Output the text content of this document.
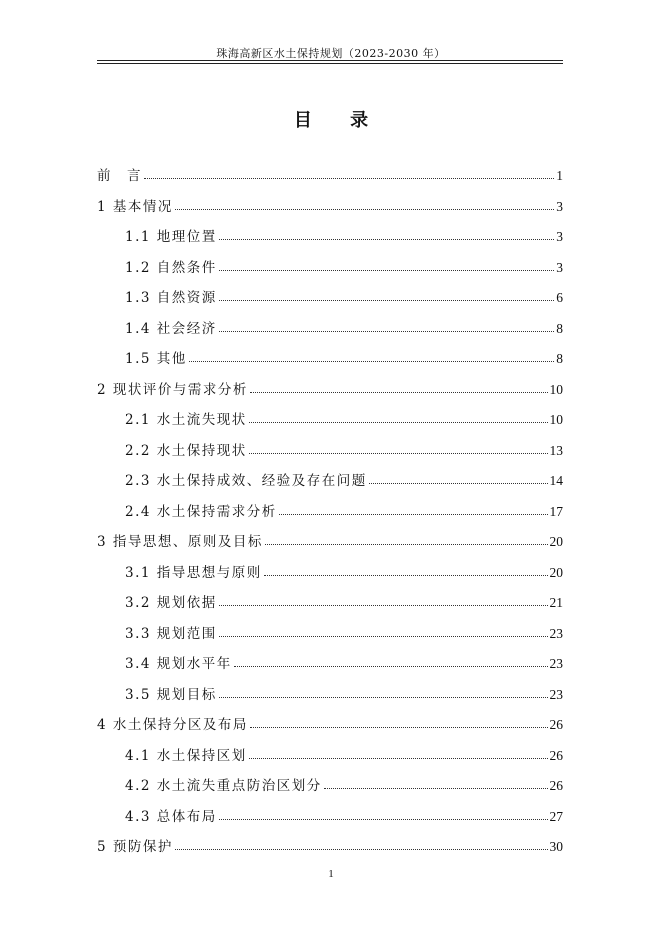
珠海高新区水土保持规划（2023-2030 年）
目 录
前　言	1
1 基本情况	3
1.1 地理位置	3
1.2 自然条件	3
1.3 自然资源	6
1.4 社会经济	8
1.5 其他	8
2 现状评价与需求分析	10
2.1 水土流失现状	10
2.2 水土保持现状	13
2.3 水土保持成效、经验及存在问题	14
2.4 水土保持需求分析	17
3 指导思想、原则及目标	20
3.1 指导思想与原则	20
3.2 规划依据	21
3.3 规划范围	23
3.4 规划水平年	23
3.5 规划目标	23
4 水土保持分区及布局	26
4.1 水土保持区划	26
4.2 水土流失重点防治区划分	26
4.3 总体布局	27
5 预防保护	30
1
